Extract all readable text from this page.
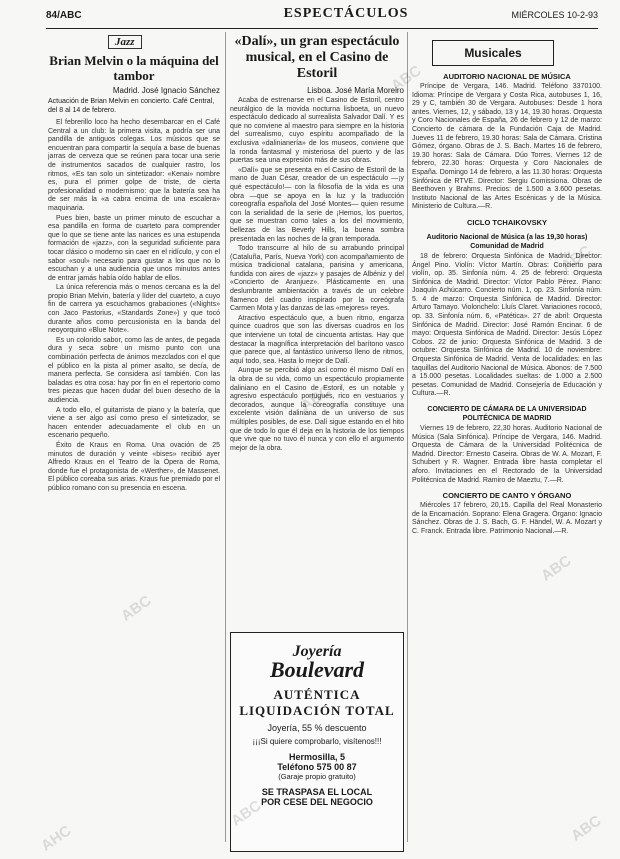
84/ABC	ESPECTÁCULOS	MIÉRCOLES 10-2-93
Jazz
Brian Melvin o la máquina del tambor
Madrid. José Ignacio Sánchez
Actuación de Brian Melvin en concierto. Café Central, del 8 al 14 de febrero.

El febrerillo loco ha hecho desembarcar en el Café Central a un club: la primera visita, a podría ser una pandilla de antiguos colegas. Los músicos que se encuentran para compartir la sequía a base de buenas jarras de cerveza que se reúnen para tocar una serie de instrumentos sacados de cualquier rastro, los ritmos, «Es tan solo un sintetizador: «Kenai» nombre es, pura el primer golpe de triste, de cierta profesionalidad o modernismo: que la batería sea ha de ser más la «a cabra encima de una escalera» maquinaria.

Pues bien, baste un primer minuto de escuchar a esa pandilla en forma de cuarteto para comprender que lo que se tiene ante las narices es una estupenda formación de «jazz», con la seguridad suficiente para tocar clásico o moderno sin caer en el ridículo, y con el sabor «soul» necesario para gustar a los que no lo escuchan y a una audiencia que unos minutos antes de entrar jamás había oído hablar de ellos.

La única referencia más o menos cercana es la del propio Brian Melvin, batería y líder del cuarteto, a cuyo fin de carrera ya escuchamos grabaciones («Nights» con Jaco Pastorius, «Standards Zone») y que tocó durante años como percusionista en la banda del neoyorquino «Blue Note».

Es un colorido sabor, como las de antes, de pegada dura y seca sobre un mismo punto con una combinación perfecta de ánimos mezclados con el que el público en la pista al primer asalto, se decía, de manera perfecta. Se considera así también. Con las baladas es otra cosa: hay por fin en el repertorio como tres piezas que hacen dudar del buen desecho de la audiencia.

A todo ello, el guitarrista de piano y la batería, que viene a ser algo así como preso el sintetizador, se hacen entender adecuadamente el club en un escenario pequeño.

Éxito de Kraus en Roma. Una ovación de 25 minutos de duración y veinte «bises» recibió ayer Alfredo Kraus en el Teatro de la Ópera de Roma, donde fue el protagonista de «Werther», de Massenet. El público coreaba sus arias. Kraus fue premiado por el público romano con su presencia en escena.

«Dalí», un gran espectáculo musical, en el Casino de Estoril
Lisboa. José María Moreiro

Acaba de estrenarse en el Casino de Estoril, centro neurálgico de la movida nocturna lisboeta, un nuevo espectáculo dedicado al surrealista Salvador Dalí. Y es que no conviene al maestro para siempre en la historia del surrealismo, cuyo espíritu acompañado de la exclusiva «dalinianería» de los museos, conviene que la ronda fantasmal y misteriosa del puerto y de las puertas sea una expresión más de sus obras.

«Dalí» que se presenta en el Casino de Estoril de la mano de Juan César, creador de un espectáculo —¡y qué espectáculo!— con la filosofía de la vida es una obra —que se apoya en la luz y la traducción coreografía española del José Montes— quien resume con la serialidad de la serie de ¡Hemos, los puertos, que se muestran como tales a los del movimiento, bellezas de las Beverly Hills, la buena sombra presentada en las noches de la gran temporada.

Todo transcurre al hilo de su arrabundo principal (Cataluña, París, Nueva York) con acompañamiento de música tradicional catalana, parisina y americana, fundida con aires de «jazz» y pasajes de Albéniz y del «Concierto de Aranjuez». Plásticamente en una deslumbrante ambientación a través de un celebre flamenco del cuadro inspirado por la coreógrafa Carmen Mota y las danzas de las «mejores» reyes.

Atractivo espectáculo que, a buen ritmo, engarza quince cuadros que son las diversas cuadros en los que interviene un total de cincuenta artistas. Hay que destacar la magnífica interpretación del barítono vasco que parece que, al fantástico universo lleno de ritmos, aquí todo, sea. Hasta lo mejor de Dalí.

Aunque se percibió algo así como él mismo Dalí en la obra de su vida, como un espectáculo propiamente daliniano en el Casino de Estoril, es un notable y agresivo espectáculo portugués, rico en vestuarios y decorados, aunque la coreografía constituye una excelente visión daliniana de un universo de sus múltiples posibles, de ese. Dalí sigue estando en el hito que de todo lo que él deja en la historia de los tiempos que vive que no tuvo él nunca y con ello el argumento mejor de la obra.

Joyería
Boulevard
AUTÉNTICA
LIQUIDACIÓN TOTAL
Joyería, 55 % descuento
¡¡¡Si quiere comprobarlo, visítenos!!!
Hermosilla, 5
Teléfono 575 00 87
(Garaje propio gratuito)
SE TRASPASA EL LOCAL
POR CESE DEL NEGOCIO
Musicales
AUDITORIO NACIONAL DE MÚSICA

Príncipe de Vergara, 146. Madrid. Teléfono 3370100. Idioma: Príncipe de Vergara y Costa Rica, autobuses 1, 16, 29 y C, también 30 de Vergara. Autobuses: Desde 1 hora antes. Viernes, 12, y sábado, 13 y 14, 19.30 horas. Orquesta y Coro Nacionales de España, 26 de febrero y 12 de marzo: Concierto de cámara de la Fundación Caja de Madrid. Jueves 11 de febrero, 19.30 horas: Sala de Cámara. Cristina Gómez, órgano. Obras de J. S. Bach. Martes 16 de febrero, 19.30 horas: Sala de Cámara. Dúo Torres. Viernes 12 de febrero, 22.30 horas: Orquesta y Coro Nacionales de España. Domingo 14 de febrero, a las 11.30 horas: Orquesta Sinfónica de RTVE. Director: Sergiu Comissiona. Obras de Beethoven y Brahms. Precios: de 1.500 a 3.600 pesetas. Instituto Nacional de las Artes Escénicas y de la Música. Ministerio de Cultura.—R.

CICLO TCHAIKOVSKY
Auditorio Nacional de Música (a las 19,30 horas) Comunidad de Madrid

18 de febrero: Orquesta Sinfónica de Madrid. Director: Ángel Pino. Violín: Víctor Martín. Obras: Concierto para violín, op. 35. Sinfonía núm. 4. 25 de febrero: Orquesta Sinfónica de Madrid. Director: Víctor Pablo Pérez. Piano: Joaquín Achúcarro. Concierto núm. 1, op. 23. Sinfonía núm. 5. 4 de marzo: Orquesta Sinfónica de Madrid. Director: Arturo Tamayo. Violonchelo: Lluís Claret. Variaciones rococó, op. 33. Sinfonía núm. 6, «Patética». 27 de abril: Orquesta Sinfónica de Madrid. Director: José Ramón Encinar. 6 de mayo: Orquesta Sinfónica de Madrid. Director: Jesús López Cobos. 22 de junio: Orquesta Sinfónica de Madrid. 3 de octubre: Orquesta Sinfónica de Madrid. 10 de noviembre: Orquesta Sinfónica de Madrid. Venta de localidades: en las taquillas del Auditorio Nacional de Música. Abonos: de 7.500 a 15.000 pesetas. Localidades sueltas: de 1.000 a 2.500 pesetas. Comunidad de Madrid. Consejería de Educación y Cultura.—R.

CONCIERTO DE CÁMARA DE LA UNIVERSIDAD POLITÉCNICA DE MADRID

Viernes 19 de febrero, 22,30 horas. Auditorio Nacional de Música (Sala Sinfónica). Príncipe de Vergara, 146. Madrid. Orquesta de Cámara de la Universidad Politécnica de Madrid. Director: Ernesto Caseira. Obras de W. A. Mozart, F. Schubert y R. Wagner. Entrada libre hasta completar el aforo. Invitaciones en el Rectorado de la Universidad Politécnica de Madrid. Ramiro de Maeztu, 7.—R.

CONCIERTO DE CANTO Y ÓRGANO

Miércoles 17 febrero, 20,15. Capilla del Real Monasterio de la Encarnación. Soprano: Elena Gragera. Órgano: Ignacio Sánchez. Obras de J. S. Bach, G. F. Händel, W. A. Mozart y C. Franck. Entrada libre. Patrimonio Nacional.—R.

ABC
ABC
ABC
ABC
ABC
ABC
AHC	ABC
